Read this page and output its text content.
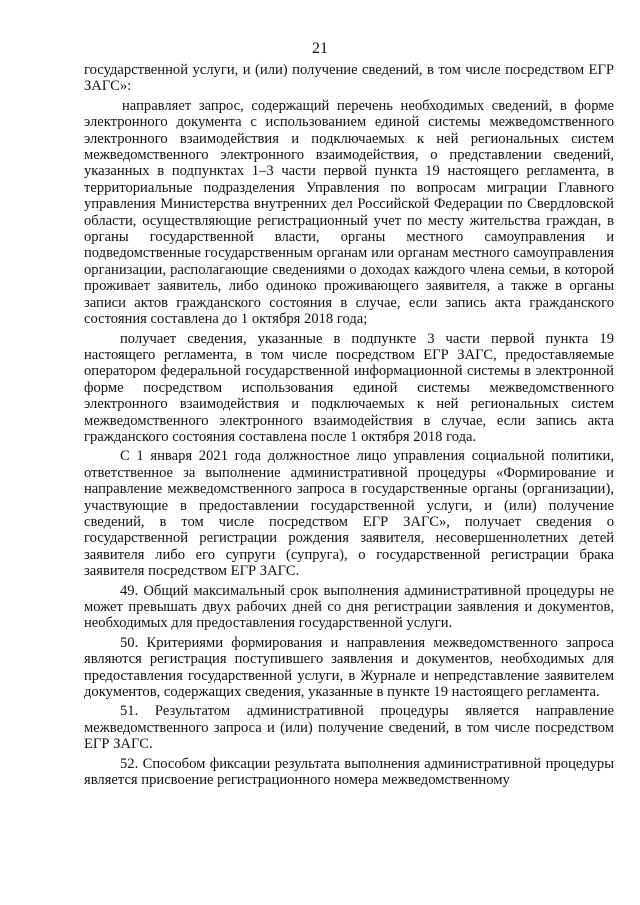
21

государственной услуги, и (или) получение сведений, в том числе посредством ЕГР ЗАГС»:

направляет запрос, содержащий перечень необходимых сведений, в форме электронного документа с использованием единой системы межведомственного электронного взаимодействия и подключаемых к ней региональных систем межведомственного электронного взаимодействия, о представлении сведений, указанных в подпунктах 1–3 части первой пункта 19 настоящего регламента, в территориальные подразделения Управления по вопросам миграции Главного управления Министерства внутренних дел Российской Федерации по Свердловской области, осуществляющие регистрационный учет по месту жительства граждан, в органы государственной власти, органы местного самоуправления и подведомственные государственным органам или органам местного самоуправления организации, располагающие сведениями о доходах каждого члена семьи, в которой проживает заявитель, либо одиноко проживающего заявителя, а также в органы записи актов гражданского состояния в случае, если запись акта гражданского состояния составлена до 1 октября 2018 года;

получает сведения, указанные в подпункте 3 части первой пункта 19 настоящего регламента, в том числе посредством ЕГР ЗАГС, предоставляемые оператором федеральной государственной информационной системы в электронной форме посредством использования единой системы межведомственного электронного взаимодействия и подключаемых к ней региональных систем межведомственного электронного взаимодействия в случае, если запись акта гражданского состояния составлена после 1 октября 2018 года.

С 1 января 2021 года должностное лицо управления социальной политики, ответственное за выполнение административной процедуры «Формирование и направление межведомственного запроса в государственные органы (организации), участвующие в предоставлении государственной услуги, и (или) получение сведений, в том числе посредством ЕГР ЗАГС», получает сведения о государственной регистрации рождения заявителя, несовершеннолетних детей заявителя либо его супруги (супруга), о государственной регистрации брака заявителя посредством ЕГР ЗАГС.

49. Общий максимальный срок выполнения административной процедуры не может превышать двух рабочих дней со дня регистрации заявления и документов, необходимых для предоставления государственной услуги.

50. Критериями формирования и направления межведомственного запроса являются регистрация поступившего заявления и документов, необходимых для предоставления государственной услуги, в Журнале и непредставление заявителем документов, содержащих сведения, указанные в пункте 19 настоящего регламента.

51. Результатом административной процедуры является направление межведомственного запроса и (или) получение сведений, в том числе посредством ЕГР ЗАГС.

52. Способом фиксации результата выполнения административной процедуры является присвоение регистрационного номера межведомственному
